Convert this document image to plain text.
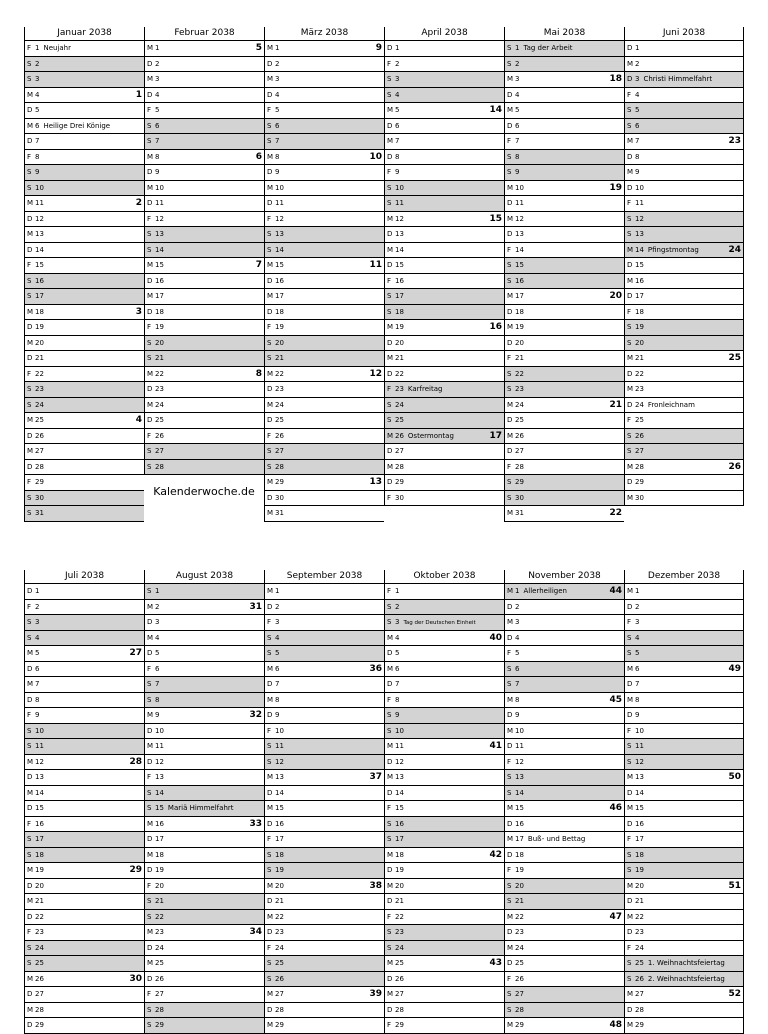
Januar 2038
F 1 Neujahr
S 2
S 3
M 4	1
D 5
M 6 Heilige Drei Könige
D 7
F 8
S 9
S 10
M 11	2
D 12
M 13
D 14
F 15
S 16
S 17
M 18	3
D 19
M 20
D 21
F 22
S 23
S 24
M 25	4
D 26
M 27
D 28
F 29
S 30
S 31
Februar 2038
M 1	5
D 2
M 3
D 4
F 5
S 6
S 7
M 8	6
D 9
M 10
D 11
F 12
S 13
S 14
M 15	7
D 16
M 17
D 18
F 19
S 20
S 21
M 22	8
D 23
M 24
D 25
F 26
S 27
S 28
März 2038
M 1	9
D 2
M 3
D 4
F 5
S 6
S 7
M 8	10
D 9
M 10
D 11
F 12
S 13
S 14
M 15	11
D 16
M 17
D 18
F 19
S 20
S 21
M 22	12
D 23
M 24
D 25
F 26
S 27
S 28
M 29	13
D 30
M 31
April 2038
D 1
F 2
S 3
S 4
M 5	14
D 6
M 7
D 8
F 9
S 10
S 11
M 12	15
D 13
M 14
D 15
F 16
S 17
S 18
M 19	16
D 20
M 21
D 22
F 23 Karfreitag
S 24
S 25
M 26 Ostermontag	17
D 27
M 28
D 29
F 30
Mai 2038
S 1 Tag der Arbeit
S 2
M 3	18
D 4
M 5
D 6
F 7
S 8
S 9
M 10	19
D 11
M 12
D 13
F 14
S 15
S 16
M 17	20
D 18
M 19
D 20
F 21
S 22
S 23
M 24	21
D 25
M 26
D 27
F 28
S 29
S 30
M 31	22
Juni 2038
D 1
M 2
D 3 Christi Himmelfahrt
F 4
S 5
S 6
M 7	23
D 8
M 9
D 10
F 11
S 12
S 13
M 14 Pfingstmontag	24
D 15
M 16
D 17
F 18
S 19
S 20
M 21	25
D 22
M 23
D 24 Fronleichnam
F 25
S 26
S 27
M 28	26
D 29
M 30
Kalenderwoche.de
Juli 2038
D 1
F 2
S 3
S 4
M 5	27
D 6
M 7
D 8
F 9
S 10
S 11
M 12	28
D 13
M 14
D 15
F 16
S 17
S 18
M 19	29
D 20
M 21
D 22
F 23
S 24
S 25
M 26	30
D 27
M 28
D 29
August 2038
S 1
M 2	31
D 3
M 4
D 5
F 6
S 7
S 8
M 9	32
D 10
M 11
D 12
F 13
S 14
S 15 Mariä Himmelfahrt
M 16	33
D 17
M 18
D 19
F 20
S 21
S 22
M 23	34
D 24
M 25
D 26
F 27
S 28
S 29
September 2038
M 1
D 2
F 3
S 4
S 5
M 6	36
D 7
M 8
D 9
F 10
S 11
S 12
M 13	37
D 14
M 15
D 16
F 17
S 18
S 19
M 20	38
D 21
M 22
D 23
F 24
S 25
S 26
M 27	39
D 28
M 29
Oktober 2038
F 1
S 2
S 3 Tag der Deutschen Einheit
M 4	40
D 5
M 6
D 7
F 8
S 9
S 10
M 11	41
D 12
M 13
D 14
F 15
S 16
S 17
M 18	42
D 19
M 20
D 21
F 22
S 23
S 24
M 25	43
D 26
M 27
D 28
F 29
November 2038
M 1 Allerheiligen	44
D 2
M 3
D 4
F 5
S 6
S 7
M 8	45
D 9
M 10
D 11
F 12
S 13
S 14
M 15	46
D 16
M 17 Buß- und Bettag
D 18
F 19
S 20
S 21
M 22	47
D 23
M 24
D 25
F 26
S 27
S 28
M 29	48
Dezember 2038
M 1
D 2
F 3
S 4
S 5
M 6	49
D 7
M 8
D 9
F 10
S 11
S 12
M 13	50
D 14
M 15
D 16
F 17
S 18
S 19
M 20	51
D 21
M 22
D 23
F 24
S 25 1. Weihnachtsfeiertag
S 26 2. Weihnachtsfeiertag
M 27	52
D 28
M 29
